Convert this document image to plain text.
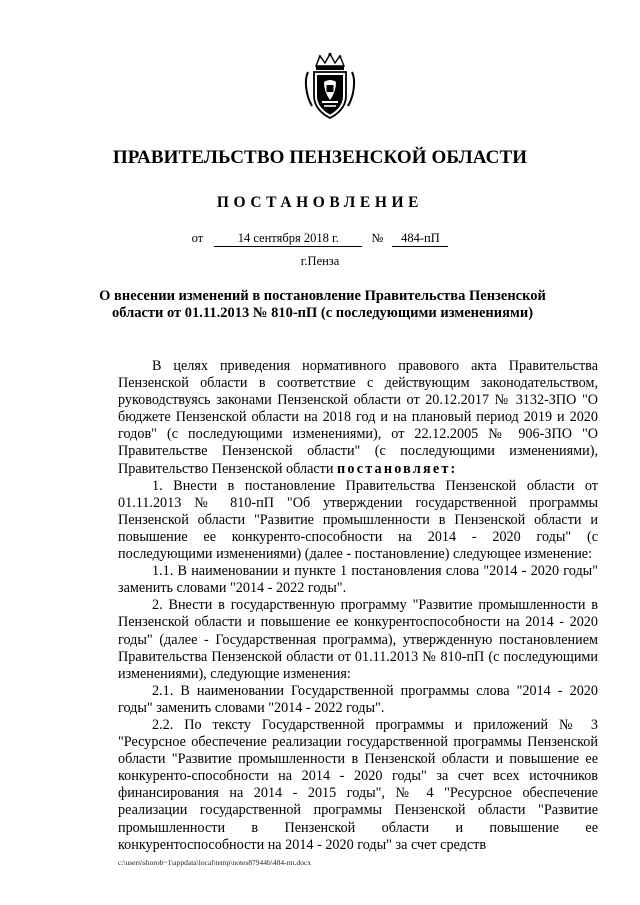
ПРАВИТЕЛЬСТВО ПЕНЗЕНСКОЙ ОБЛАСТИ
ПОСТАНОВЛЕНИЕ
от	14 сентября 2018 г.	№ 484-пП
г.Пенза
О внесении изменений в постановление Правительства Пензенской области от 01.11.2013 № 810-пП (с последующими изменениями)

В целях приведения нормативного правового акта Правительства Пензенской области в соответствие с действующим законодательством, руководствуясь законами Пензенской области от 20.12.2017 № 3132-ЗПО "О бюджете Пензенской области на 2018 год и на плановый период 2019 и 2020 годов" (с последующими изменениями), от 22.12.2005 № 906-ЗПО "О Правительстве Пензенской области" (с последующими изменениями), Правительство Пензенской области постановляет:

1. Внести в постановление Правительства Пензенской области от 01.11.2013 № 810-пП "Об утверждении государственной программы Пензенской области "Развитие промышленности в Пензенской области и повышение ее конкуренто-способности на 2014 - 2020 годы" (с последующими изменениями) (далее - постановление) следующее изменение:

1.1. В наименовании и пункте 1 постановления слова "2014 - 2020 годы" заменить словами "2014 - 2022 годы".

2. Внести в государственную программу "Развитие промышленности в Пензенской области и повышение ее конкурентоспособности на 2014 - 2020 годы" (далее - Государственная программа), утвержденную постановлением Правительства Пензенской области от 01.11.2013 № 810-пП (с последующими изменениями), следующие изменения:

2.1. В наименовании Государственной программы слова "2014 - 2020 годы" заменить словами "2014 - 2022 годы".

2.2. По тексту Государственной программы и приложений № 3 "Ресурсное обеспечение реализации государственной программы Пензенской области "Развитие промышленности в Пензенской области и повышение ее конкуренто-способности на 2014 - 2020 годы" за счет всех источников финансирования на 2014 - 2015 годы", № 4 "Ресурсное обеспечение реализации государственной программы Пензенской области "Развитие промышленности в Пензенской области и повышение ее конкурентоспособности на 2014 - 2020 годы" за счет средств

c:\users\shorob~1\appdata\local\temp\notes87944b\484-пп.docx
